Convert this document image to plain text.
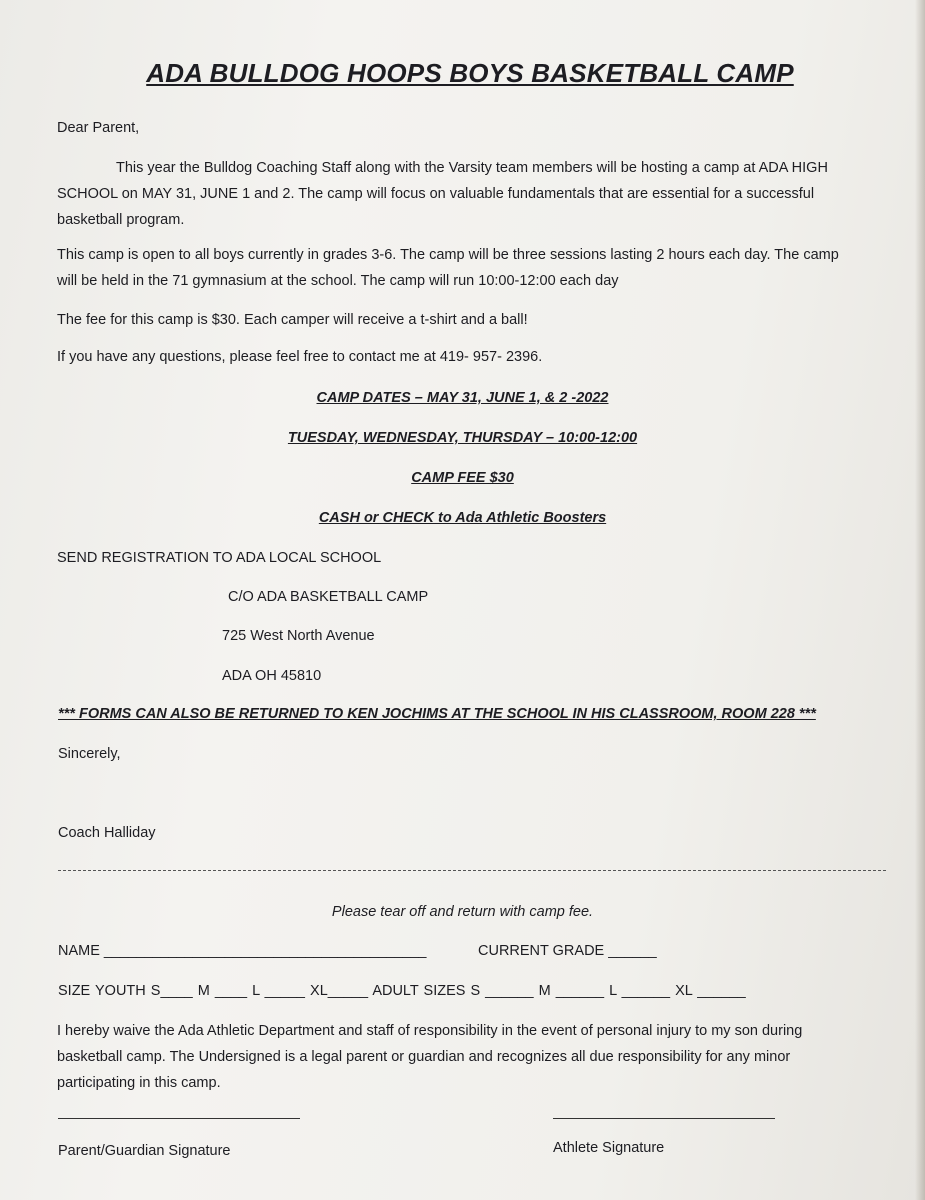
ADA BULLDOG HOOPS BOYS BASKETBALL CAMP
Dear Parent,
This year the Bulldog Coaching Staff along with the Varsity team members will be hosting a camp at ADA HIGH
SCHOOL on MAY 31, JUNE 1 and 2. The camp will focus on valuable fundamentals that are essential for a successful
basketball program.
This camp is open to all boys currently in grades 3-6. The camp will be three sessions lasting 2 hours each day. The camp
will be held in the 71 gymnasium at the school. The camp will run 10:00-12:00 each day
The fee for this camp is $30. Each camper will receive a t-shirt and a ball!
If you have any questions, please feel free to contact me at 419- 957- 2396.
CAMP DATES – MAY 31, JUNE 1, & 2 -2022
TUESDAY, WEDNESDAY, THURSDAY – 10:00-12:00
CAMP FEE $30
CASH or CHECK to Ada Athletic Boosters
SEND REGISTRATION TO ADA LOCAL SCHOOL
C/O ADA BASKETBALL CAMP
725 West North Avenue
ADA OH 45810
*** FORMS CAN ALSO BE RETURNED TO KEN JOCHIMS AT THE SCHOOL IN HIS CLASSROOM, ROOM 228 ***
Sincerely,
Coach Halliday
Please tear off and return with camp fee.
NAME ________________________________________	CURRENT GRADE ______
SIZE YOUTH S____ M ____ L _____ XL_____ ADULT SIZES S ______ M ______ L ______ XL ______
I hereby waive the Ada Athletic Department and staff of responsibility in the event of personal injury to my son during
basketball camp. The Undersigned is a legal parent or guardian and recognizes all due responsibility for any minor
participating in this camp.
Parent/Guardian Signature	Athlete Signature
